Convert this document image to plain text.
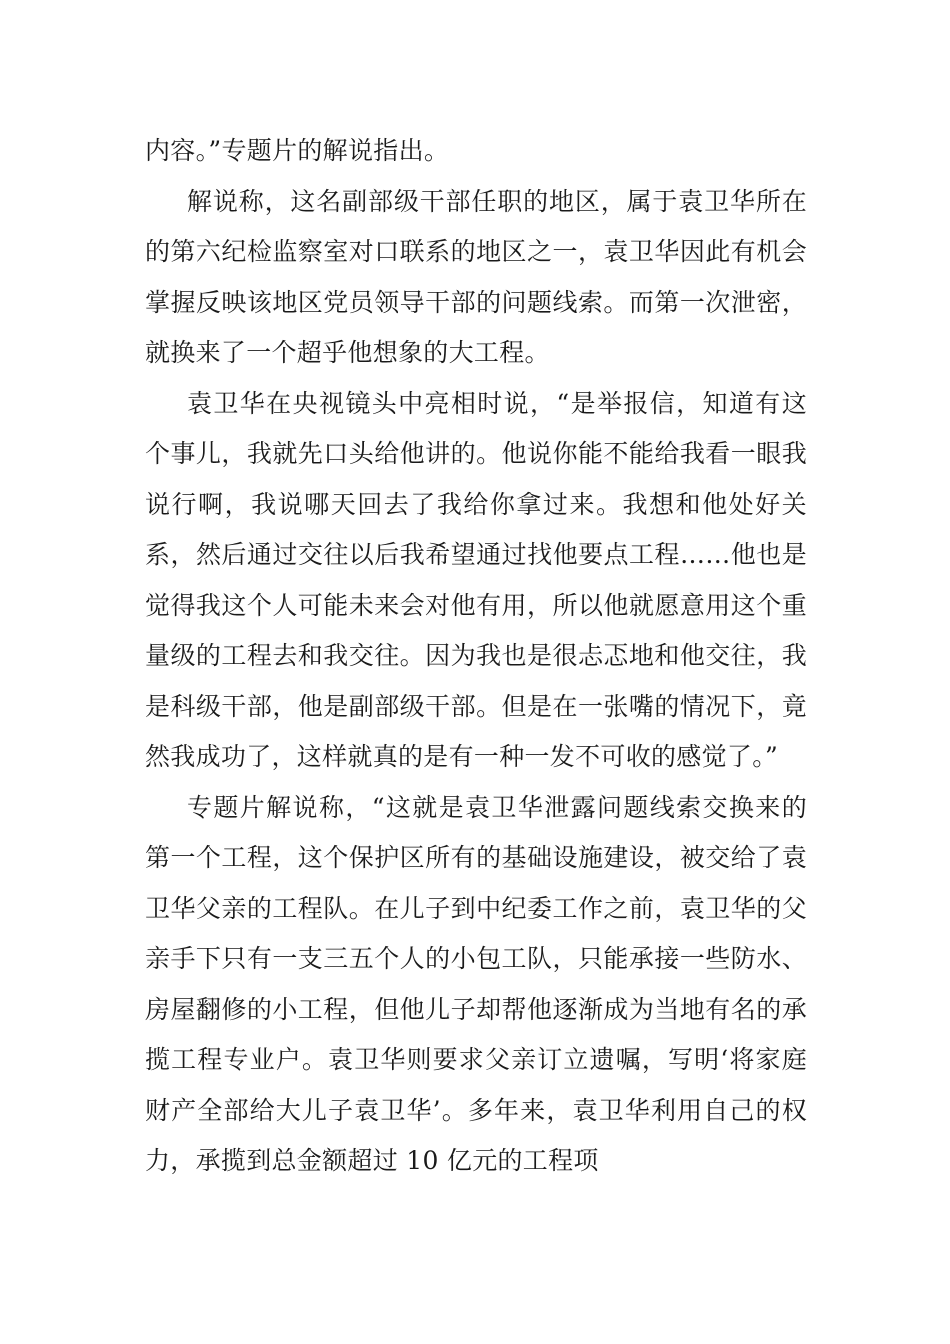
内容。”专题片的解说指出。

解说称，这名副部级干部任职的地区，属于袁卫华所在的第六纪检监察室对口联系的地区之一，袁卫华因此有机会掌握反映该地区党员领导干部的问题线索。而第一次泄密，就换来了一个超乎他想象的大工程。

袁卫华在央视镜头中亮相时说，“是举报信，知道有这个事儿，我就先口头给他讲的。他说你能不能给我看一眼我说行啊，我说哪天回去了我给你拿过来。我想和他处好关系，然后通过交往以后我希望通过找他要点工程……他也是觉得我这个人可能未来会对他有用，所以他就愿意用这个重量级的工程去和我交往。因为我也是很忐忑地和他交往，我是科级干部，他是副部级干部。但是在一张嘴的情况下，竟然我成功了，这样就真的是有一种一发不可收的感觉了。”

专题片解说称，“这就是袁卫华泄露问题线索交换来的第一个工程，这个保护区所有的基础设施建设，被交给了袁卫华父亲的工程队。在儿子到中纪委工作之前，袁卫华的父亲手下只有一支三五个人的小包工队，只能承接一些防水、房屋翻修的小工程，但他儿子却帮他逐渐成为当地有名的承揽工程专业户。袁卫华则要求父亲订立遗嘱，写明‘将家庭财产全部给大儿子袁卫华’。多年来，袁卫华利用自己的权力，承揽到总金额超过 10 亿元的工程项
